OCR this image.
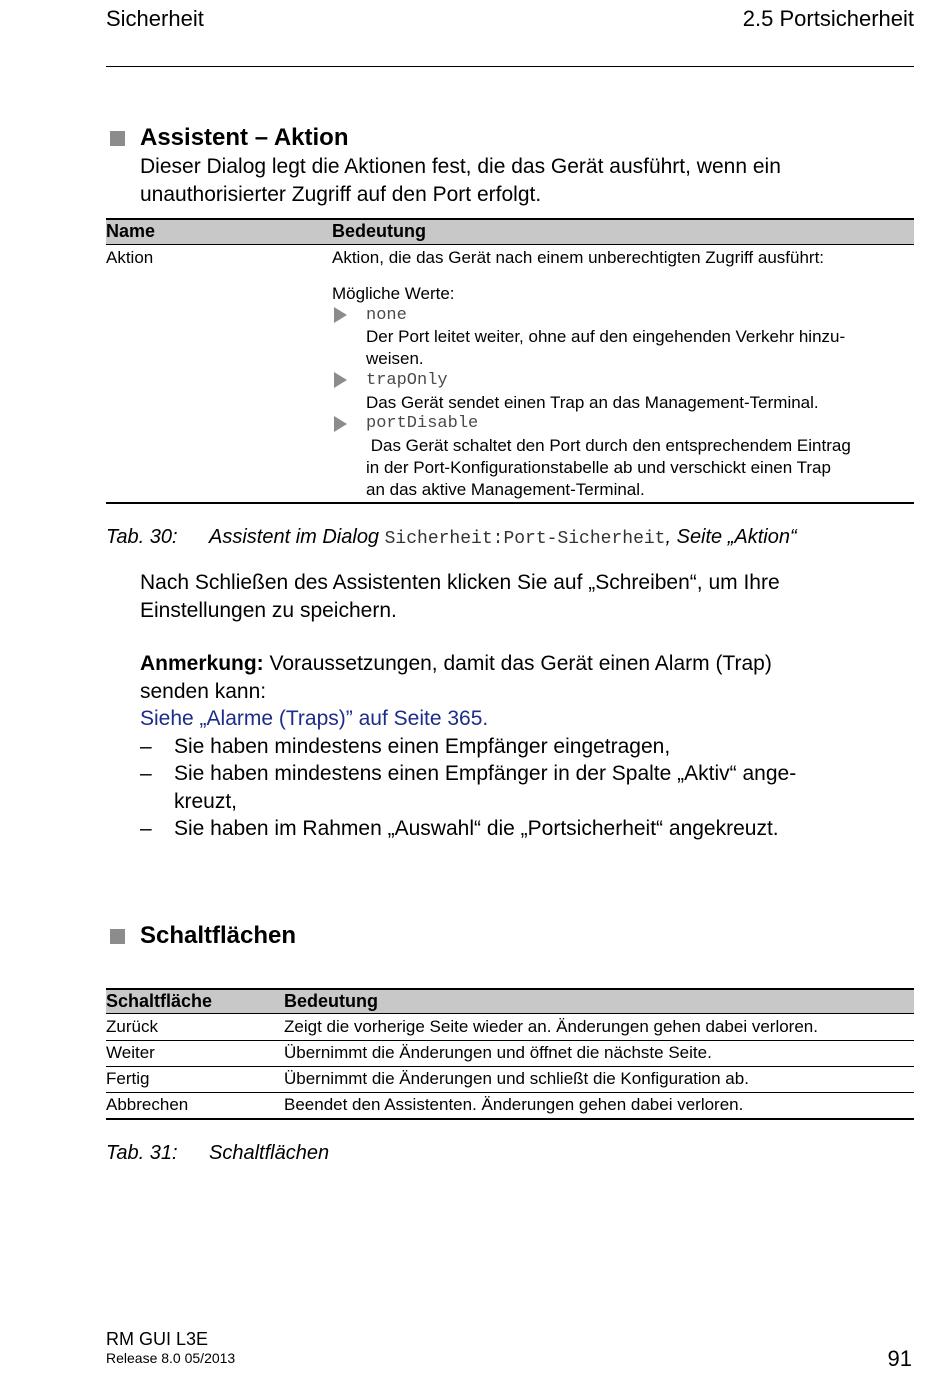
Sicherheit	2.5 Portsicherheit
Assistent – Aktion
Dieser Dialog legt die Aktionen fest, die das Gerät ausführt, wenn ein
unauthorisierter Zugriff auf den Port erfolgt.
Name	Bedeutung
Aktion	Aktion, die das Gerät nach einem unberechtigten Zugriff ausführt:
Mögliche Werte:
none
Der Port leitet weiter, ohne auf den eingehenden Verkehr hinzu-
weisen.
trapOnly
Das Gerät sendet einen Trap an das Management-Terminal.
portDisable
Das Gerät schaltet den Port durch den entsprechendem Eintrag
in der Port-Konfigurationstabelle ab und verschickt einen Trap
an das aktive Management-Terminal.
Tab. 30: Assistent im Dialog Sicherheit:Port-Sicherheit, Seite „Aktion“
Nach Schließen des Assistenten klicken Sie auf „Schreiben“, um Ihre
Einstellungen zu speichern.
Anmerkung: Voraussetzungen, damit das Gerät einen Alarm (Trap)
senden kann:
Siehe „Alarme (Traps)” auf Seite 365.
– Sie haben mindestens einen Empfänger eingetragen,
– Sie haben mindestens einen Empfänger in der Spalte „Aktiv“ ange-
kreuzt,
– Sie haben im Rahmen „Auswahl“ die „Portsicherheit“ angekreuzt.
Schaltflächen
Schaltfläche	Bedeutung
Zurück	Zeigt die vorherige Seite wieder an. Änderungen gehen dabei verloren.
Weiter	Übernimmt die Änderungen und öffnet die nächste Seite.
Fertig	Übernimmt die Änderungen und schließt die Konfiguration ab.
Abbrechen	Beendet den Assistenten. Änderungen gehen dabei verloren.
Tab. 31: Schaltflächen
RM GUI L3E
Release 8.0 05/2013	91
